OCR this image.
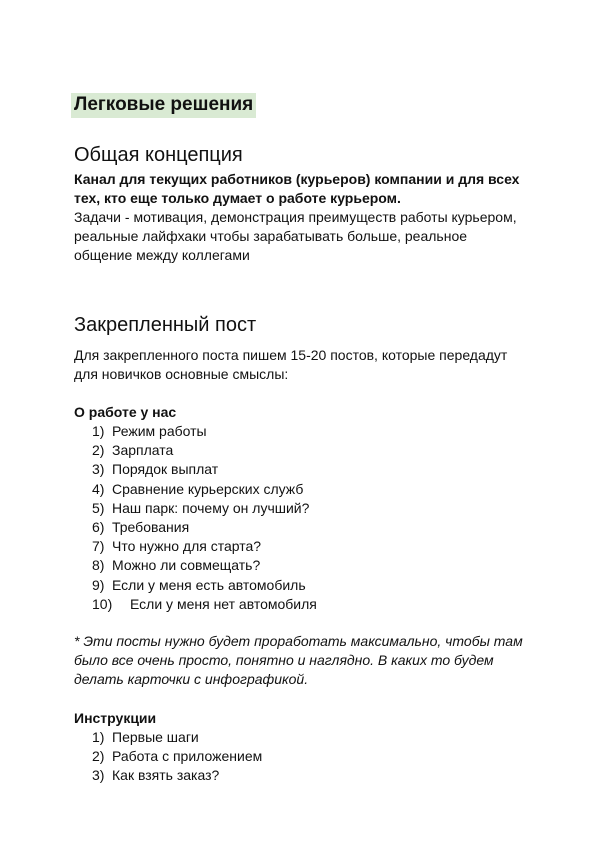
Легковые решения
Общая концепция
Канал для текущих работников (курьеров) компании и для всех
тех, кто еще только думает о работе курьером.
Задачи - мотивация, демонстрация преимуществ работы курьером,
реальные лайфхаки чтобы зарабатывать больше, реальное
общение между коллегами
Закрепленный пост
Для закрепленного поста пишем 15-20 постов, которые передадут
для новичков основные смыслы:
О работе у нас
1) Режим работы
2) Зарплата
3) Порядок выплат
4) Сравнение курьерских служб
5) Наш парк: почему он лучший?
6) Требования
7) Что нужно для старта?
8) Можно ли совмещать?
9) Если у меня есть автомобиль
10) Если у меня нет автомобиля
* Эти посты нужно будет проработать максимально, чтобы там
было все очень просто, понятно и наглядно. В каких то будем
делать карточки с инфографикой.
Инструкции
1) Первые шаги
2) Работа с приложением
3) Как взять заказ?
